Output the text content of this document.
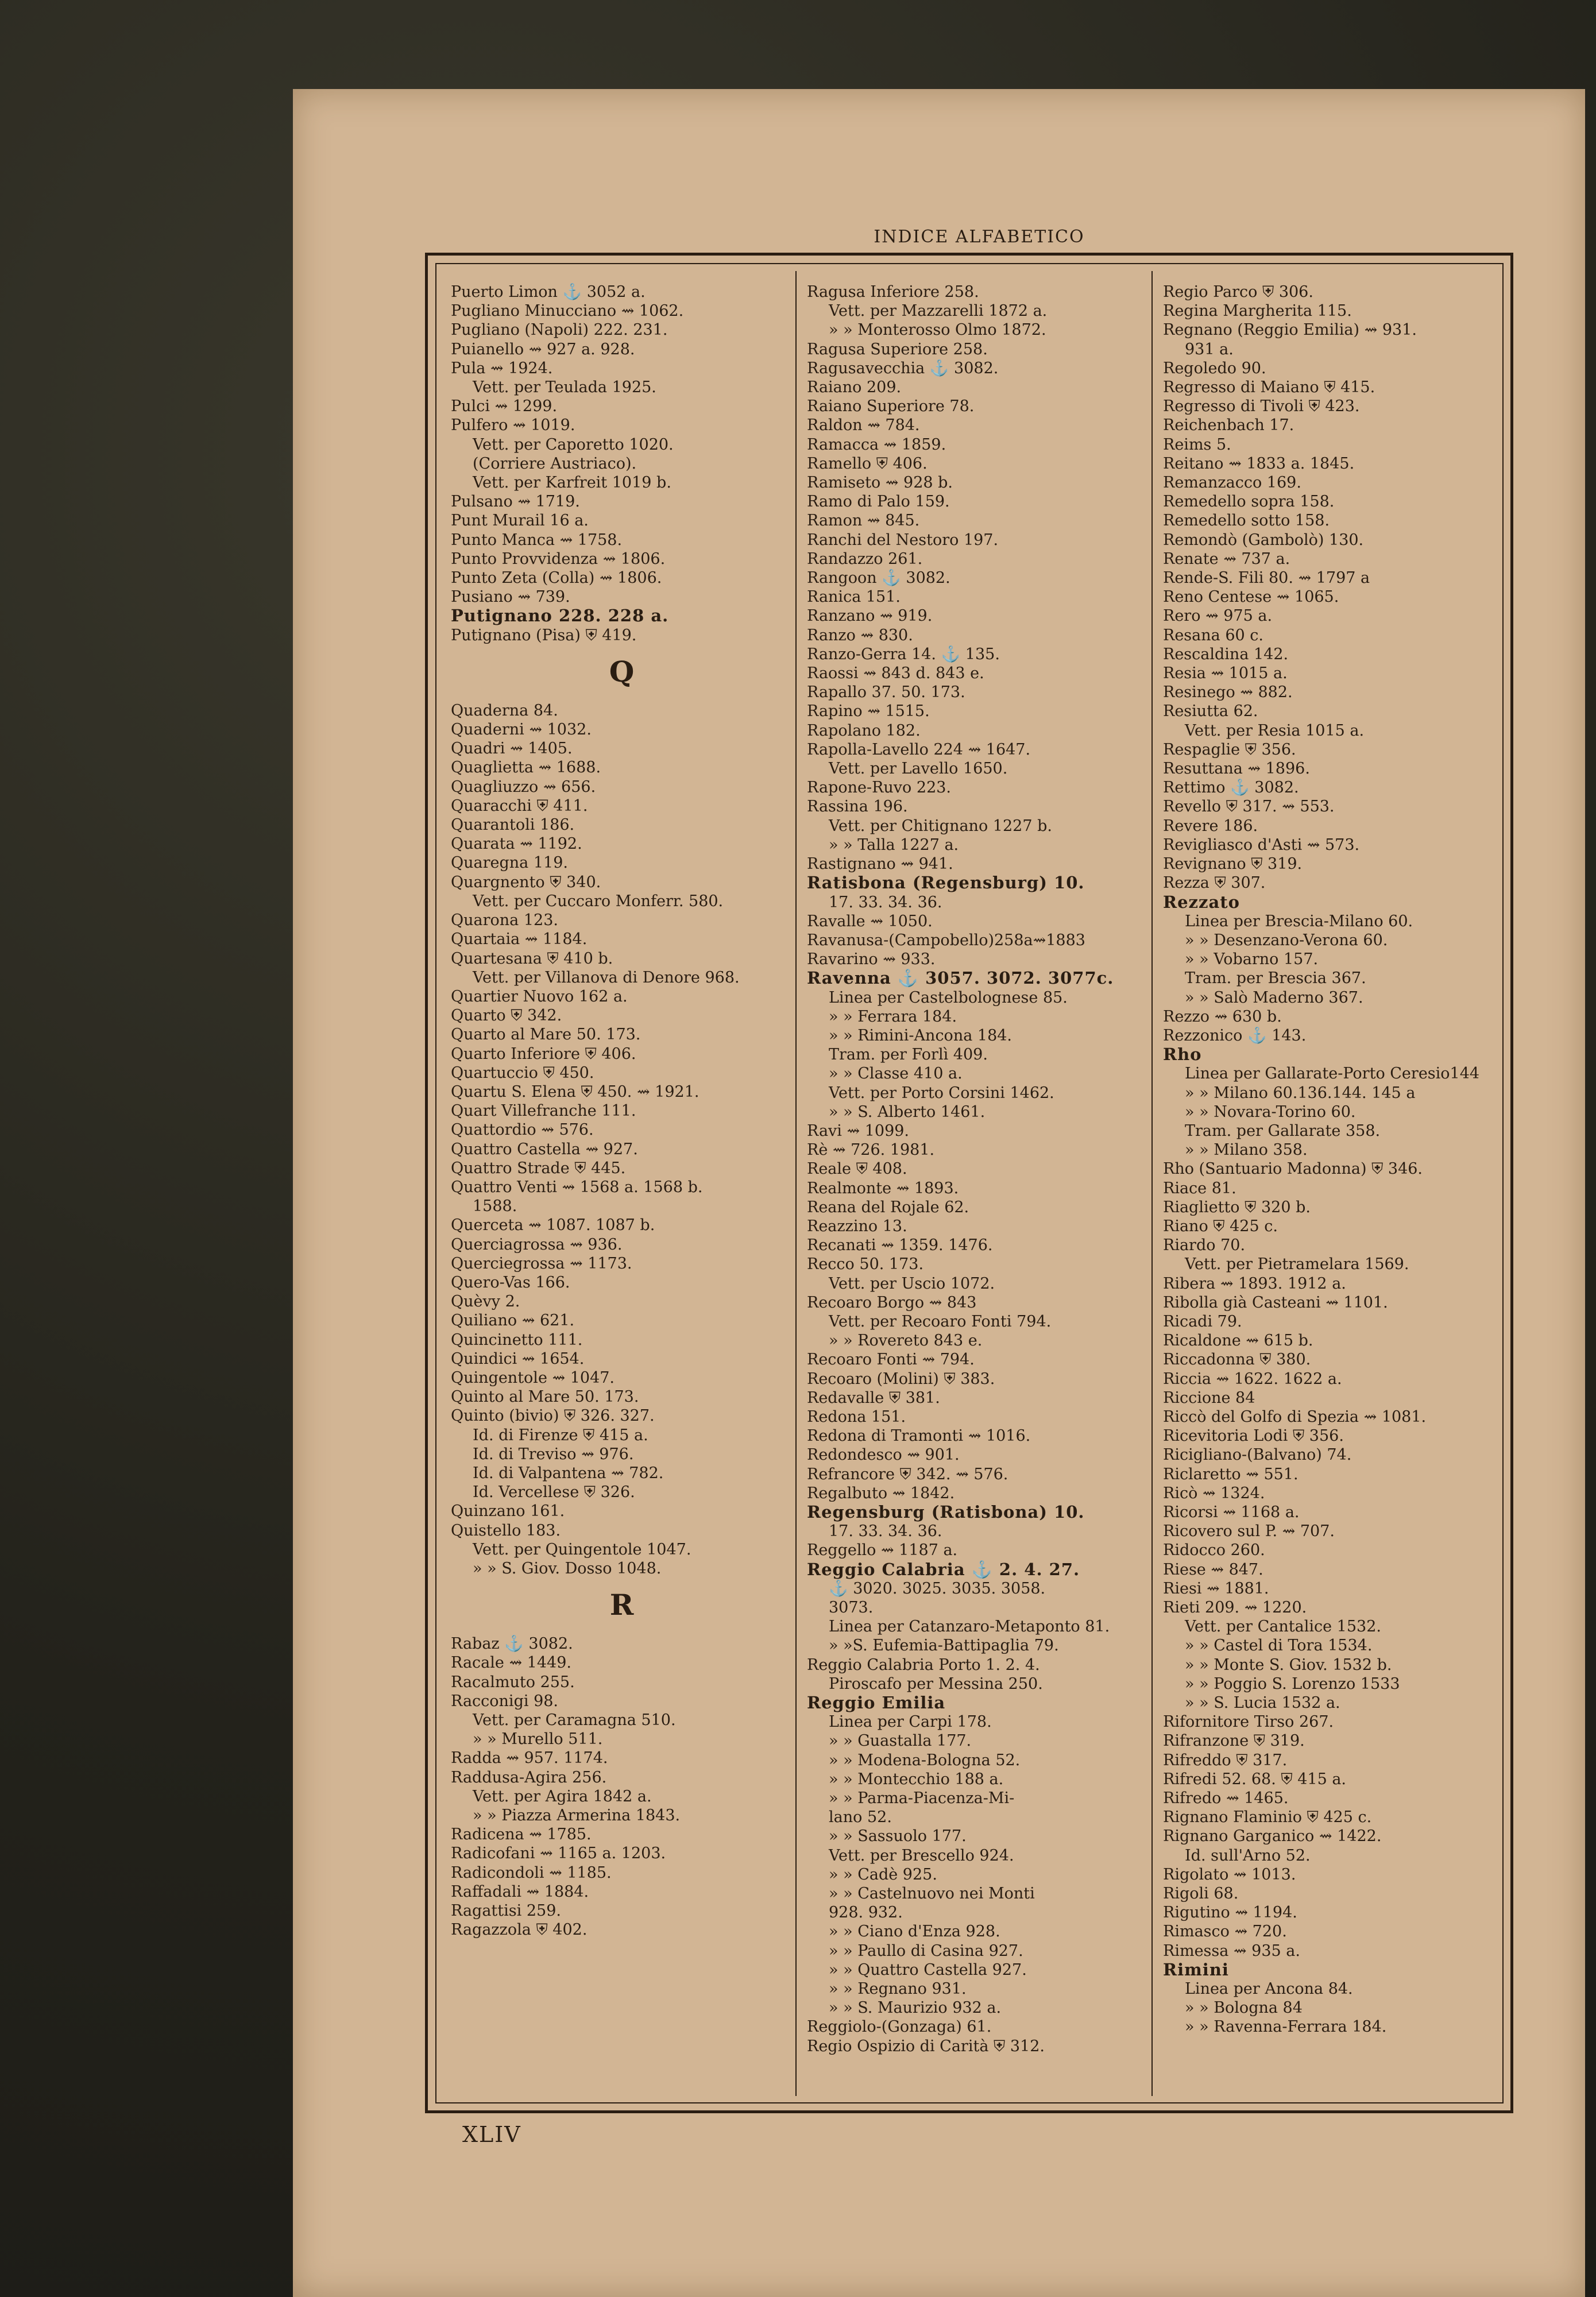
INDICE ALFABETICO
Puerto Limon ⚓ 3052 a.
Pugliano Minucciano ⇝ 1062.
Pugliano (Napoli) 222. 231.
Puianello ⇝ 927 a. 928.
Pula ⇝ 1924.
Vett. per Teulada 1925.
Pulci ⇝ 1299.
Pulfero ⇝ 1019.
Vett. per Caporetto 1020.
(Corriere Austriaco).
Vett. per Karfreit 1019 b.
Pulsano ⇝ 1719.
Punt Murail 16 a.
Punto Manca ⇝ 1758.
Punto Provvidenza ⇝ 1806.
Punto Zeta (Colla) ⇝ 1806.
Pusiano ⇝ 739.
Putignano 228. 228 a.
Putignano (Pisa) ⛨ 419.
Q
Quaderna 84.
Quaderni ⇝ 1032.
Quadri ⇝ 1405.
Quaglietta ⇝ 1688.
Quagliuzzo ⇝ 656.
Quaracchi ⛨ 411.
Quarantoli 186.
Quarata ⇝ 1192.
Quaregna 119.
Quargnento ⛨ 340.
Vett. per Cuccaro Monferr. 580.
Quarona 123.
Quartaia ⇝ 1184.
Quartesana ⛨ 410 b.
Vett. per Villanova di Denore 968.
Quartier Nuovo 162 a.
Quarto ⛨ 342.
Quarto al Mare 50. 173.
Quarto Inferiore ⛨ 406.
Quartuccio ⛨ 450.
Quartu S. Elena ⛨ 450. ⇝ 1921.
Quart Villefranche 111.
Quattordio ⇝ 576.
Quattro Castella ⇝ 927.
Quattro Strade ⛨ 445.
Quattro Venti ⇝ 1568 a. 1568 b.
1588.
Querceta ⇝ 1087. 1087 b.
Querciagrossa ⇝ 936.
Querciegrossa ⇝ 1173.
Quero-Vas 166.
Quèvy 2.
Quiliano ⇝ 621.
Quincinetto 111.
Quindici ⇝ 1654.
Quingentole ⇝ 1047.
Quinto al Mare 50. 173.
Quinto (bivio) ⛨ 326. 327.
Id. di Firenze ⛨ 415 a.
Id. di Treviso ⇝ 976.
Id. di Valpantena ⇝ 782.
Id. Vercellese ⛨ 326.
Quinzano 161.
Quistello 183.
Vett. per Quingentole 1047.
» » S. Giov. Dosso 1048.
R
Rabaz ⚓ 3082.
Racale ⇝ 1449.
Racalmuto 255.
Racconigi 98.
Vett. per Caramagna 510.
» » Murello 511.
Radda ⇝ 957. 1174.
Raddusa-Agira 256.
Vett. per Agira 1842 a.
» » Piazza Armerina 1843.
Radicena ⇝ 1785.
Radicofani ⇝ 1165 a. 1203.
Radicondoli ⇝ 1185.
Raffadali ⇝ 1884.
Ragattisi 259.
Ragazzola ⛨ 402.
Ragusa Inferiore 258.
Vett. per Mazzarelli 1872 a.
» » Monterosso Olmo 1872.
Ragusa Superiore 258.
Ragusavecchia ⚓ 3082.
Raiano 209.
Raiano Superiore 78.
Raldon ⇝ 784.
Ramacca ⇝ 1859.
Ramello ⛨ 406.
Ramiseto ⇝ 928 b.
Ramo di Palo 159.
Ramon ⇝ 845.
Ranchi del Nestoro 197.
Randazzo 261.
Rangoon ⚓ 3082.
Ranica 151.
Ranzano ⇝ 919.
Ranzo ⇝ 830.
Ranzo-Gerra 14. ⚓ 135.
Raossi ⇝ 843 d. 843 e.
Rapallo 37. 50. 173.
Rapino ⇝ 1515.
Rapolano 182.
Rapolla-Lavello 224 ⇝ 1647.
Vett. per Lavello 1650.
Rapone-Ruvo 223.
Rassina 196.
Vett. per Chitignano 1227 b.
» » Talla 1227 a.
Rastignano ⇝ 941.
Ratisbona (Regensburg) 10.
17. 33. 34. 36.
Ravalle ⇝ 1050.
Ravanusa-(Campobello)258a⇝1883
Ravarino ⇝ 933.
Ravenna ⚓ 3057. 3072. 3077c.
Linea per Castelbolognese 85.
» » Ferrara 184.
» » Rimini-Ancona 184.
Tram. per Forlì 409.
» » Classe 410 a.
Vett. per Porto Corsini 1462.
» » S. Alberto 1461.
Ravi ⇝ 1099.
Rè ⇝ 726. 1981.
Reale ⛨ 408.
Realmonte ⇝ 1893.
Reana del Rojale 62.
Reazzino 13.
Recanati ⇝ 1359. 1476.
Recco 50. 173.
Vett. per Uscio 1072.
Recoaro Borgo ⇝ 843
Vett. per Recoaro Fonti 794.
» » Rovereto 843 e.
Recoaro Fonti ⇝ 794.
Recoaro (Molini) ⛨ 383.
Redavalle ⛨ 381.
Redona 151.
Redona di Tramonti ⇝ 1016.
Redondesco ⇝ 901.
Refrancore ⛨ 342. ⇝ 576.
Regalbuto ⇝ 1842.
Regensburg (Ratisbona) 10.
17. 33. 34. 36.
Reggello ⇝ 1187 a.
Reggio Calabria ⚓ 2. 4. 27.
⚓ 3020. 3025. 3035. 3058.
3073.
Linea per Catanzaro-Metaponto 81.
» »S. Eufemia-Battipaglia 79.
Reggio Calabria Porto 1. 2. 4.
Piroscafo per Messina 250.
Reggio Emilia
Linea per Carpi 178.
» » Guastalla 177.
» » Modena-Bologna 52.
» » Montecchio 188 a.
» » Parma-Piacenza-Mi-
lano 52.
» » Sassuolo 177.
Vett. per Brescello 924.
» » Cadè 925.
» » Castelnuovo nei Monti
928. 932.
» » Ciano d'Enza 928.
» » Paullo di Casina 927.
» » Quattro Castella 927.
» » Regnano 931.
» » S. Maurizio 932 a.
Reggiolo-(Gonzaga) 61.
Regio Ospizio di Carità ⛨ 312.
Regio Parco ⛨ 306.
Regina Margherita 115.
Regnano (Reggio Emilia) ⇝ 931.
931 a.
Regoledo 90.
Regresso di Maiano ⛨ 415.
Regresso di Tivoli ⛨ 423.
Reichenbach 17.
Reims 5.
Reitano ⇝ 1833 a. 1845.
Remanzacco 169.
Remedello sopra 158.
Remedello sotto 158.
Remondò (Gambolò) 130.
Renate ⇝ 737 a.
Rende-S. Fili 80. ⇝ 1797 a
Reno Centese ⇝ 1065.
Rero ⇝ 975 a.
Resana 60 c.
Rescaldina 142.
Resia ⇝ 1015 a.
Resinego ⇝ 882.
Resiutta 62.
Vett. per Resia 1015 a.
Respaglie ⛨ 356.
Resuttana ⇝ 1896.
Rettimo ⚓ 3082.
Revello ⛨ 317. ⇝ 553.
Revere 186.
Revigliasco d'Asti ⇝ 573.
Revignano ⛨ 319.
Rezza ⛨ 307.
Rezzato
Linea per Brescia-Milano 60.
» » Desenzano-Verona 60.
» » Vobarno 157.
Tram. per Brescia 367.
» » Salò Maderno 367.
Rezzo ⇝ 630 b.
Rezzonico ⚓ 143.
Rho
Linea per Gallarate-Porto Ceresio144
» » Milano 60.136.144. 145 a
» » Novara-Torino 60.
Tram. per Gallarate 358.
» » Milano 358.
Rho (Santuario Madonna) ⛨ 346.
Riace 81.
Riaglietto ⛨ 320 b.
Riano ⛨ 425 c.
Riardo 70.
Vett. per Pietramelara 1569.
Ribera ⇝ 1893. 1912 a.
Ribolla già Casteani ⇝ 1101.
Ricadi 79.
Ricaldone ⇝ 615 b.
Riccadonna ⛨ 380.
Riccia ⇝ 1622. 1622 a.
Riccione 84
Riccò del Golfo di Spezia ⇝ 1081.
Ricevitoria Lodi ⛨ 356.
Ricigliano-(Balvano) 74.
Riclaretto ⇝ 551.
Ricò ⇝ 1324.
Ricorsi ⇝ 1168 a.
Ricovero sul P. ⇝ 707.
Ridocco 260.
Riese ⇝ 847.
Riesi ⇝ 1881.
Rieti 209. ⇝ 1220.
Vett. per Cantalice 1532.
» » Castel di Tora 1534.
» » Monte S. Giov. 1532 b.
» » Poggio S. Lorenzo 1533
» » S. Lucia 1532 a.
Rifornitore Tirso 267.
Rifranzone ⛨ 319.
Rifreddo ⛨ 317.
Rifredi 52. 68. ⛨ 415 a.
Rifredo ⇝ 1465.
Rignano Flaminio ⛨ 425 c.
Rignano Garganico ⇝ 1422.
Id. sull'Arno 52.
Rigolato ⇝ 1013.
Rigoli 68.
Rigutino ⇝ 1194.
Rimasco ⇝ 720.
Rimessa ⇝ 935 a.
Rimini
Linea per Ancona 84.
» » Bologna 84
» » Ravenna-Ferrara 184.
XLIV
